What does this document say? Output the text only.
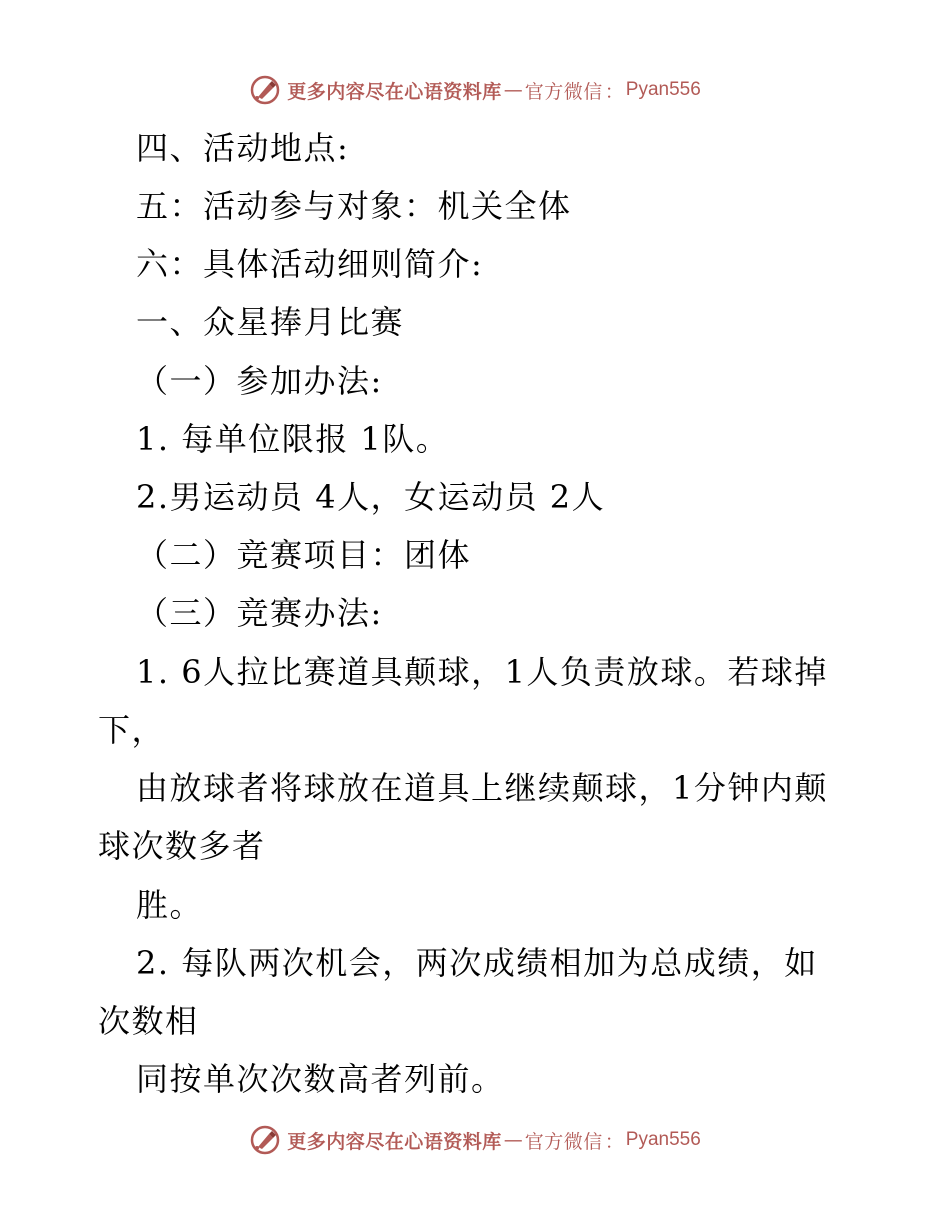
更多内容尽在心语资料库 — 官方微信 ： Pyan556
四、活动地点:
五：活动参与对象：机关全体
六：具体活动细则简介:
一、众星捧月比赛
（一）参加办法:
1. 每单位限报 1队。
2.男运动员 4人，女运动员 2人
（二）竞赛项目：团体
（三）竞赛办法:
1. 6人拉比赛道具颠球，1人负责放球。若球掉
下，
由放球者将球放在道具上继续颠球，1分钟内颠
球次数多者
胜。
2. 每队两次机会，两次成绩相加为总成绩，如
次数相
同按单次次数高者列前。
更多内容尽在心语资料库 — 官方微信 ： Pyan556
